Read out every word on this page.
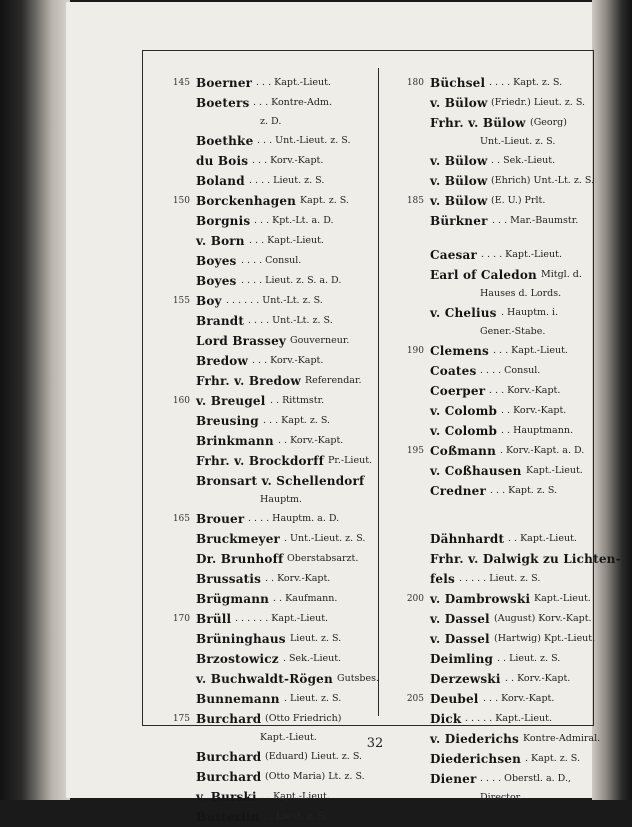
145 Boerner . . . Kapt.-Lieut.
Boeters . . . Kontre-Adm.
z. D.
Boethke . . . Unt.-Lieut. z. S.
du Bois . . . Korv.-Kapt.
Boland . . . . Lieut. z. S.
150 Borckenhagen Kapt. z. S.
Borgnis . . . Kpt.-Lt. a. D.
v. Born . . . Kapt.-Lieut.
Boyes . . . . Consul.
Boyes . . . . Lieut. z. S. a. D.
155 Boy . . . . . . Unt.-Lt. z. S.
Brandt . . . . Unt.-Lt. z. S.
Lord Brassey Gouverneur.
Bredow . . . Korv.-Kapt.
Frhr. v. Bredow Referendar.
160 v. Breugel . . Rittmstr.
Breusing . . . Kapt. z. S.
Brinkmann . . Korv.-Kapt.
Frhr. v. Brockdorff Pr.-Lieut.
Bronsart v. Schellendorf
Hauptm.
165 Brouer . . . . Hauptm. a. D.
Bruckmeyer . Unt.-Lieut. z. S.
Dr. Brunhoff Oberstabsarzt.
Brussatis . . Korv.-Kapt.
Brügmann . . Kaufmann.
170 Brüll . . . . . . Kapt.-Lieut.
Brüninghaus Lieut. z. S.
Brzostowicz . Sek.-Lieut.
v. Buchwaldt-Rögen Gutsbes.
Bunnemann . Lieut. z. S.
175 Burchard (Otto Friedrich)
Kapt.-Lieut.
Burchard (Eduard) Lieut. z. S.
Burchard (Otto Maria) Lt. z. S.
v. Burski . . Kapt.-Lieut.
Butterlin . . Lieut. z. S.
180 Büchsel . . . . Kapt. z. S.
v. Bülow (Friedr.) Lieut. z. S.
Frhr. v. Bülow (Georg)
Unt.-Lieut. z. S.
v. Bülow . . Sek.-Lieut.
v. Bülow (Ehrich) Unt.-Lt. z. S.
185 v. Bülow (E. U.) Prlt.
Bürkner . . . Mar.-Baumstr.
Caesar . . . . Kapt.-Lieut.
Earl of Caledon Mitgl. d.
Hauses d. Lords.
v. Chelius . Hauptm. i.
Gener.-Stabe.
190 Clemens . . . Kapt.-Lieut.
Coates . . . . Consul.
Coerper . . . Korv.-Kapt.
v. Colomb . . Korv.-Kapt.
v. Colomb . . Hauptmann.
195 Coßmann . Korv.-Kapt. a. D.
v. Coßhausen Kapt.-Lieut.
Credner . . . Kapt. z. S.
Dähnhardt . . Kapt.-Lieut.
Frhr. v. Dalwigk zu Lichten-
fels . . . . . Lieut. z. S.
200 v. Dambrowski Kapt.-Lieut.
v. Dassel (August) Korv.-Kapt.
v. Dassel (Hartwig) Kpt.-Lieut.
Deimling . . Lieut. z. S.
Derzewski . . Korv.-Kapt.
205 Deubel . . . Korv.-Kapt.
Dick . . . . . Kapt.-Lieut.
v. Diederichs Kontre-Admiral.
Diederichsen . Kapt. z. S.
Diener . . . . Oberstl. a. D.,
Director.
32
